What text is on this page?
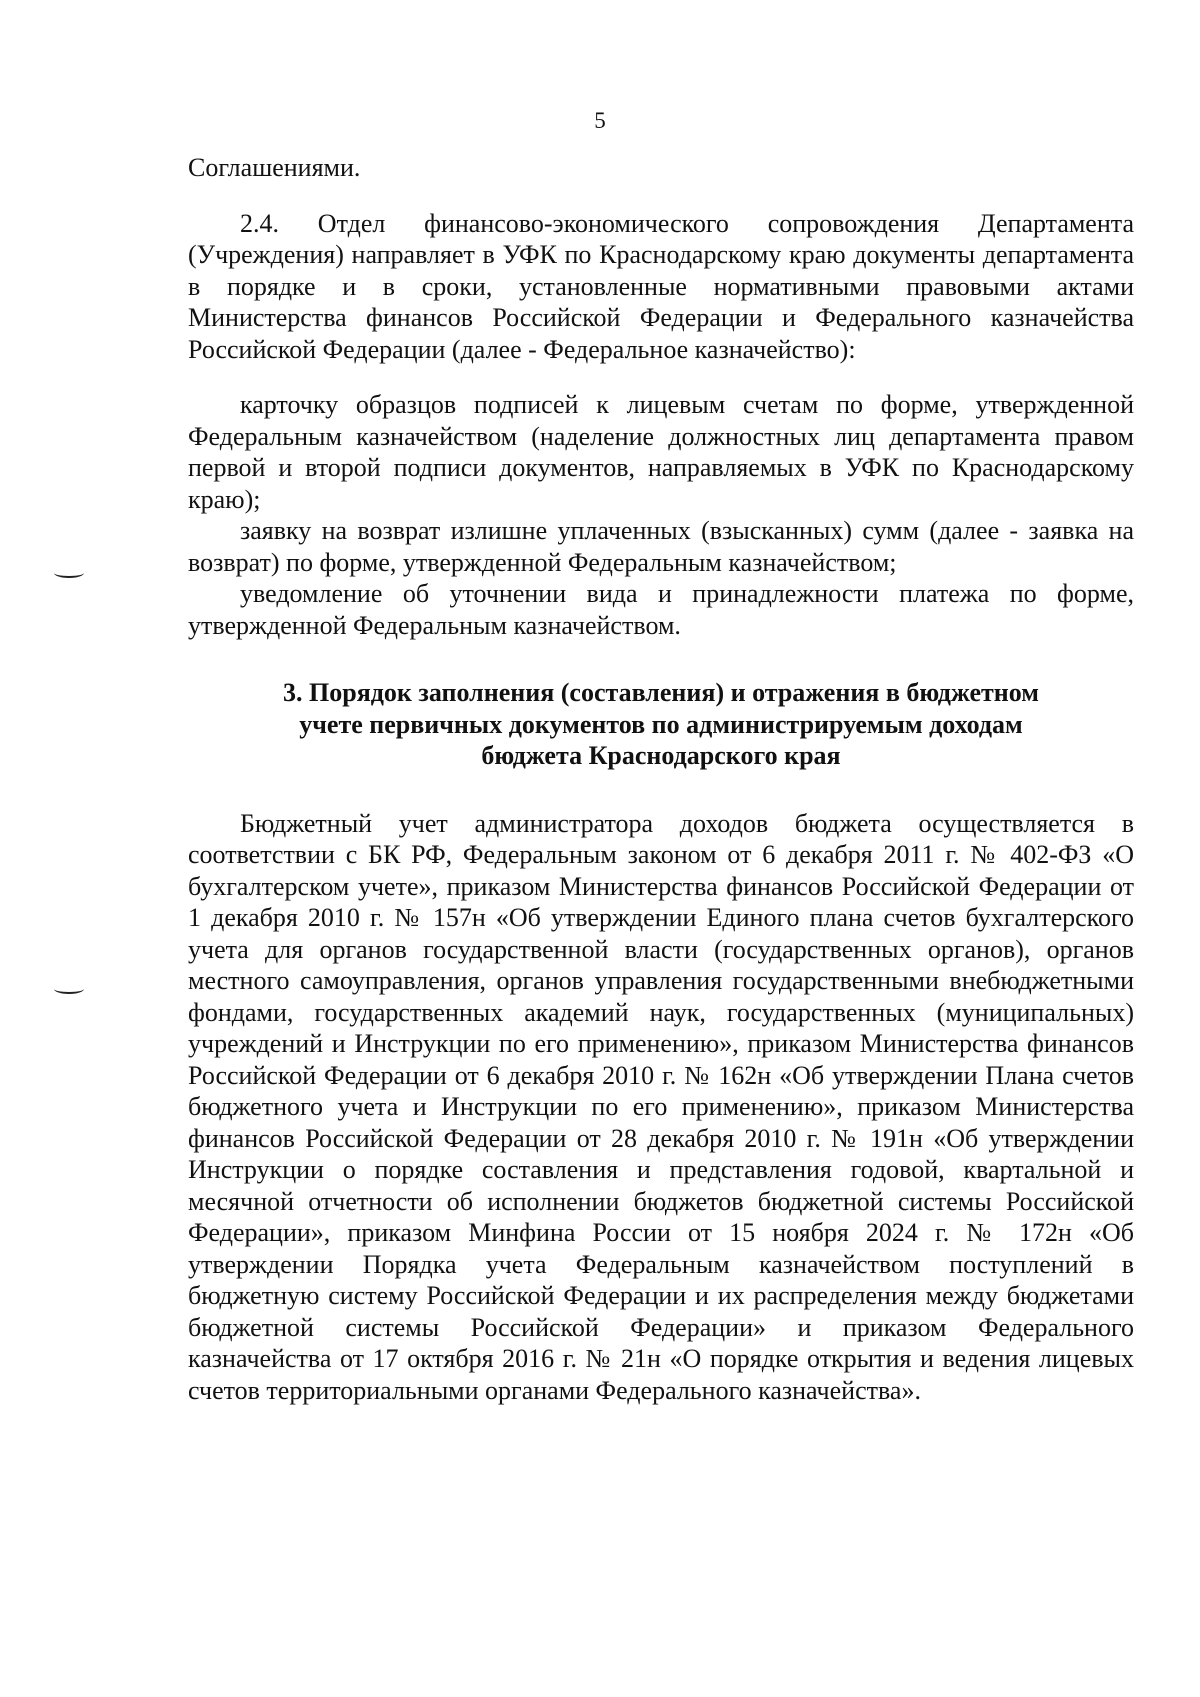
5

Соглашениями.

2.4. Отдел финансово-экономического сопровождения Департамента (Учреждения) направляет в УФК по Краснодарскому краю документы департамента в порядке и в сроки, установленные нормативными правовыми актами Министерства финансов Российской Федерации и Федерального казначейства Российской Федерации (далее - Федеральное казначейство):

карточку образцов подписей к лицевым счетам по форме, утвержденной Федеральным казначейством (наделение должностных лиц департамента правом первой и второй подписи документов, направляемых в УФК по Краснодарскому краю);

заявку на возврат излишне уплаченных (взысканных) сумм (далее - заявка на возврат) по форме, утвержденной Федеральным казначейством;

уведомление об уточнении вида и принадлежности платежа по форме, утвержденной Федеральным казначейством.

3. Порядок заполнения (составления) и отражения в бюджетном
учете первичных документов по администрируемым доходам
бюджета Краснодарского края

Бюджетный учет администратора доходов бюджета осуществляется в соответствии с БК РФ, Федеральным законом от 6 декабря 2011 г. № 402-ФЗ «О бухгалтерском учете», приказом Министерства финансов Российской Федерации от 1 декабря 2010 г. № 157н «Об утверждении Единого плана счетов бухгалтерского учета для органов государственной власти (государственных органов), органов местного самоуправления, органов управления государственными внебюджетными фондами, государственных академий наук, государственных (муниципальных) учреждений и Инструкции по его применению», приказом Министерства финансов Российской Федерации от 6 декабря 2010 г. № 162н «Об утверждении Плана счетов бюджетного учета и Инструкции по его применению», приказом Министерства финансов Российской Федерации от 28 декабря 2010 г. № 191н «Об утверждении Инструкции о порядке составления и представления годовой, квартальной и месячной отчетности об исполнении бюджетов бюджетной системы Российской Федерации», приказом Минфина России от 15 ноября 2024 г. № 172н «Об утверждении Порядка учета Федеральным казначейством поступлений в бюджетную систему Российской Федерации и их распределения между бюджетами бюджетной системы Российской Федерации» и приказом Федерального казначейства от 17 октября 2016 г. № 21н «О порядке открытия и ведения лицевых счетов территориальными органами Федерального казначейства».
